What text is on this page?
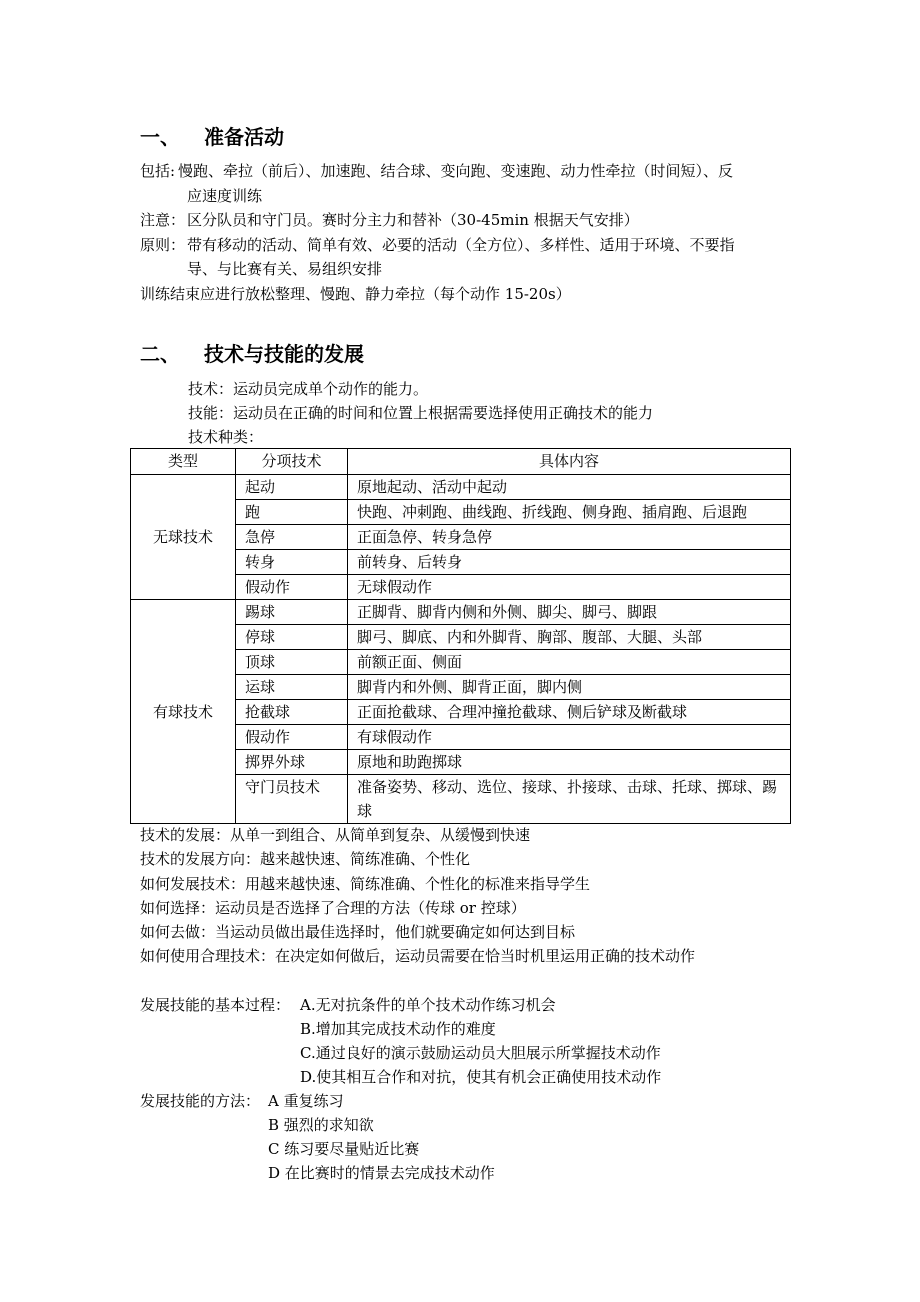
一、 准备活动
包括: 慢跑、牵拉（前后）、加速跑、结合球、变向跑、变速跑、动力性牵拉（时间短）、反
应速度训练
注意： 区分队员和守门员。赛时分主力和替补（30-45min 根据天气安排）
原则： 带有移动的活动、简单有效、必要的活动（全方位）、多样性、适用于环境、不要指
导、与比赛有关、易组织安排
训练结束应进行放松整理、慢跑、静力牵拉（每个动作 15-20s）
二、 技术与技能的发展
技术：运动员完成单个动作的能力。
技能：运动员在正确的时间和位置上根据需要选择使用正确技术的能力
技术种类：
类型	分项技术	具体内容
无球技术	起动	原地起动、活动中起动
	跑	快跑、冲刺跑、曲线跑、折线跑、侧身跑、插肩跑、后退跑
	急停	正面急停、转身急停
	转身	前转身、后转身
	假动作	无球假动作
有球技术	踢球	正脚背、脚背内侧和外侧、脚尖、脚弓、脚跟
	停球	脚弓、脚底、内和外脚背、胸部、腹部、大腿、头部
	顶球	前额正面、侧面
	运球	脚背内和外侧、脚背正面，脚内侧
	抢截球	正面抢截球、合理冲撞抢截球、侧后铲球及断截球
	假动作	有球假动作
	掷界外球	原地和助跑掷球
	守门员技术	准备姿势、移动、选位、接球、扑接球、击球、托球、掷球、踢球
技术的发展：从单一到组合、从简单到复杂、从缓慢到快速
技术的发展方向：越来越快速、简练准确、个性化
如何发展技术：用越来越快速、简练准确、个性化的标准来指导学生
如何选择：运动员是否选择了合理的方法（传球 or 控球）
如何去做：当运动员做出最佳选择时，他们就要确定如何达到目标
如何使用合理技术：在决定如何做后，运动员需要在恰当时机里运用正确的技术动作
发展技能的基本过程： A.无对抗条件的单个技术动作练习机会
B.增加其完成技术动作的难度
C.通过良好的演示鼓励运动员大胆展示所掌握技术动作
D.使其相互合作和对抗，使其有机会正确使用技术动作
发展技能的方法： A 重复练习
B 强烈的求知欲
C 练习要尽量贴近比赛
D 在比赛时的情景去完成技术动作
